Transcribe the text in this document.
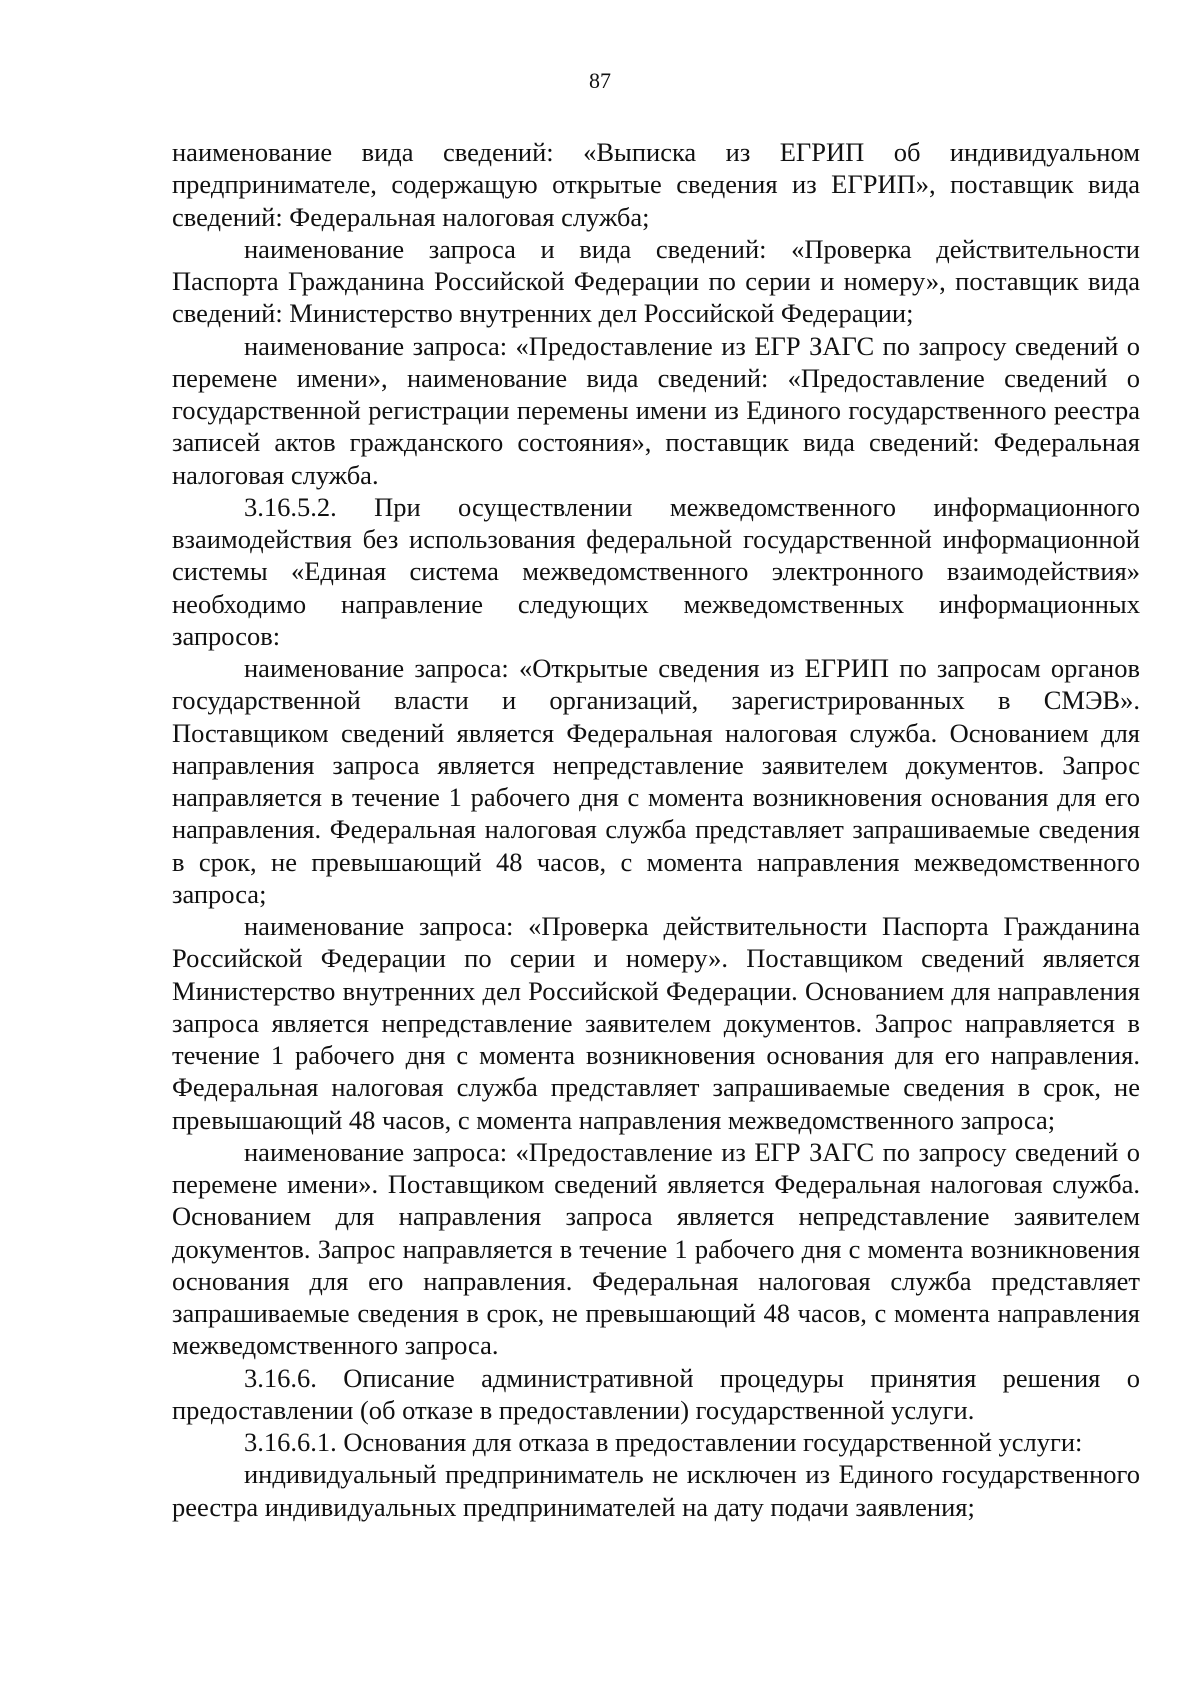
87

наименование вида сведений: «Выписка из ЕГРИП об индивидуальном предпринимателе, содержащую открытые сведения из ЕГРИП», поставщик вида сведений: Федеральная налоговая служба;

наименование запроса и вида сведений: «Проверка действительности Паспорта Гражданина Российской Федерации по серии и номеру», поставщик вида сведений: Министерство внутренних дел Российской Федерации;

наименование запроса: «Предоставление из ЕГР ЗАГС по запросу сведений о перемене имени», наименование вида сведений: «Предоставление сведений о государственной регистрации перемены имени из Единого государственного реестра записей актов гражданского состояния», поставщик вида сведений: Федеральная налоговая служба.

3.16.5.2. При осуществлении межведомственного информационного взаимодействия без использования федеральной государственной информационной системы «Единая система межведомственного электронного взаимодействия» необходимо направление следующих межведомственных информационных запросов:

наименование запроса: «Открытые сведения из ЕГРИП по запросам органов государственной власти и организаций, зарегистрированных в СМЭВ». Поставщиком сведений является Федеральная налоговая служба. Основанием для направления запроса является непредставление заявителем документов. Запрос направляется в течение 1 рабочего дня с момента возникновения основания для его направления. Федеральная налоговая служба представляет запрашиваемые сведения в срок, не превышающий 48 часов, с момента направления межведомственного запроса;

наименование запроса: «Проверка действительности Паспорта Гражданина Российской Федерации по серии и номеру». Поставщиком сведений является Министерство внутренних дел Российской Федерации. Основанием для направления запроса является непредставление заявителем документов. Запрос направляется в течение 1 рабочего дня с момента возникновения основания для его направления. Федеральная налоговая служба представляет запрашиваемые сведения в срок, не превышающий 48 часов, с момента направления межведомственного запроса;

наименование запроса: «Предоставление из ЕГР ЗАГС по запросу сведений о перемене имени». Поставщиком сведений является Федеральная налоговая служба. Основанием для направления запроса является непредставление заявителем документов. Запрос направляется в течение 1 рабочего дня с момента возникновения основания для его направления. Федеральная налоговая служба представляет запрашиваемые сведения в срок, не превышающий 48 часов, с момента направления межведомственного запроса.

3.16.6. Описание административной процедуры принятия решения о предоставлении (об отказе в предоставлении) государственной услуги.

3.16.6.1. Основания для отказа в предоставлении государственной услуги:

индивидуальный предприниматель не исключен из Единого государственного реестра индивидуальных предпринимателей на дату подачи заявления;
